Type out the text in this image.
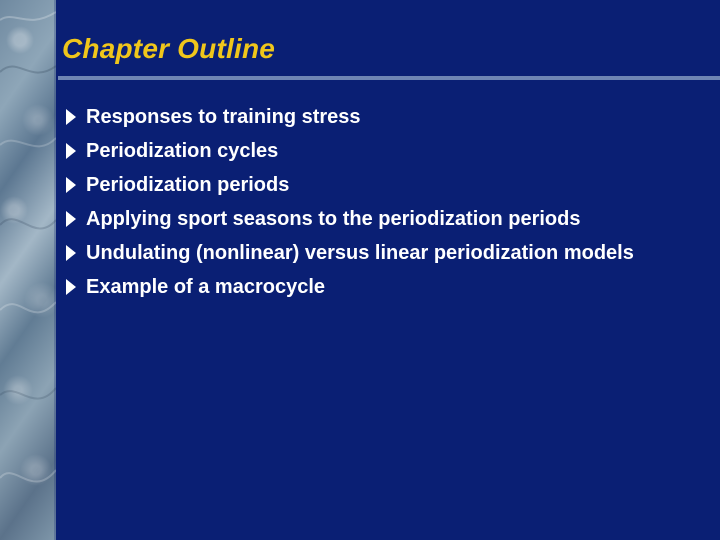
Chapter Outline
Responses to training stress
Periodization cycles
Periodization periods
Applying sport seasons to the periodization periods
Undulating (nonlinear) versus linear periodization models
Example of a macrocycle
